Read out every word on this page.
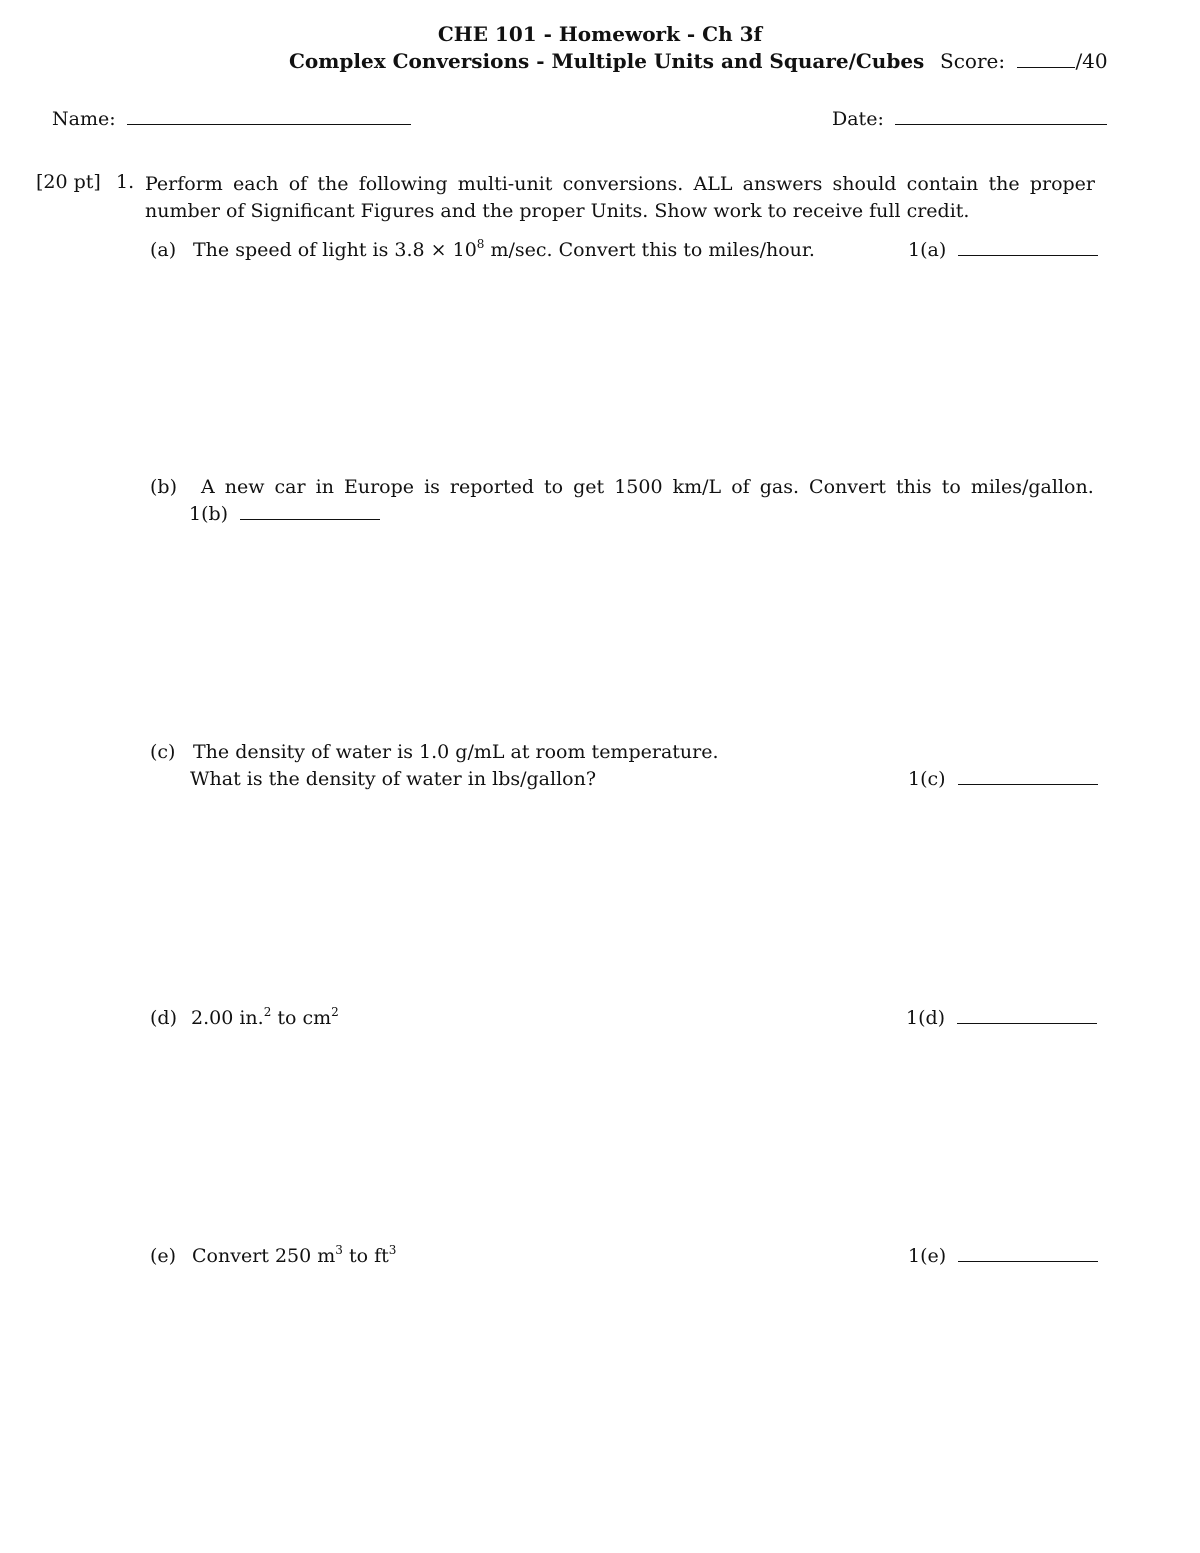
CHE 101 - Homework - Ch 3f
Complex Conversions - Multiple Units and Square/Cubes Score:	/40
Name:	Date:
[20 pt] 1. Perform each of the following multi-unit conversions. ALL answers should contain the proper number of Significant Figures and the proper Units. Show work to receive full credit.
(a) The speed of light is $3.8 \times 10^8$ m/sec. Convert this to miles/hour.	1(a)
(b) A new car in Europe is reported to get 1500 km/L of gas. Convert this to miles/gallon.
1(b)
(c) The density of water is 1.0 g/mL at room temperature.
What is the density of water in lbs/gallon?	1(c)
(d) 2.00 in.$^2$ to $cm^2$	1(d)
(e) Convert 250 $m^3$ to $ft^3$	1(e)
